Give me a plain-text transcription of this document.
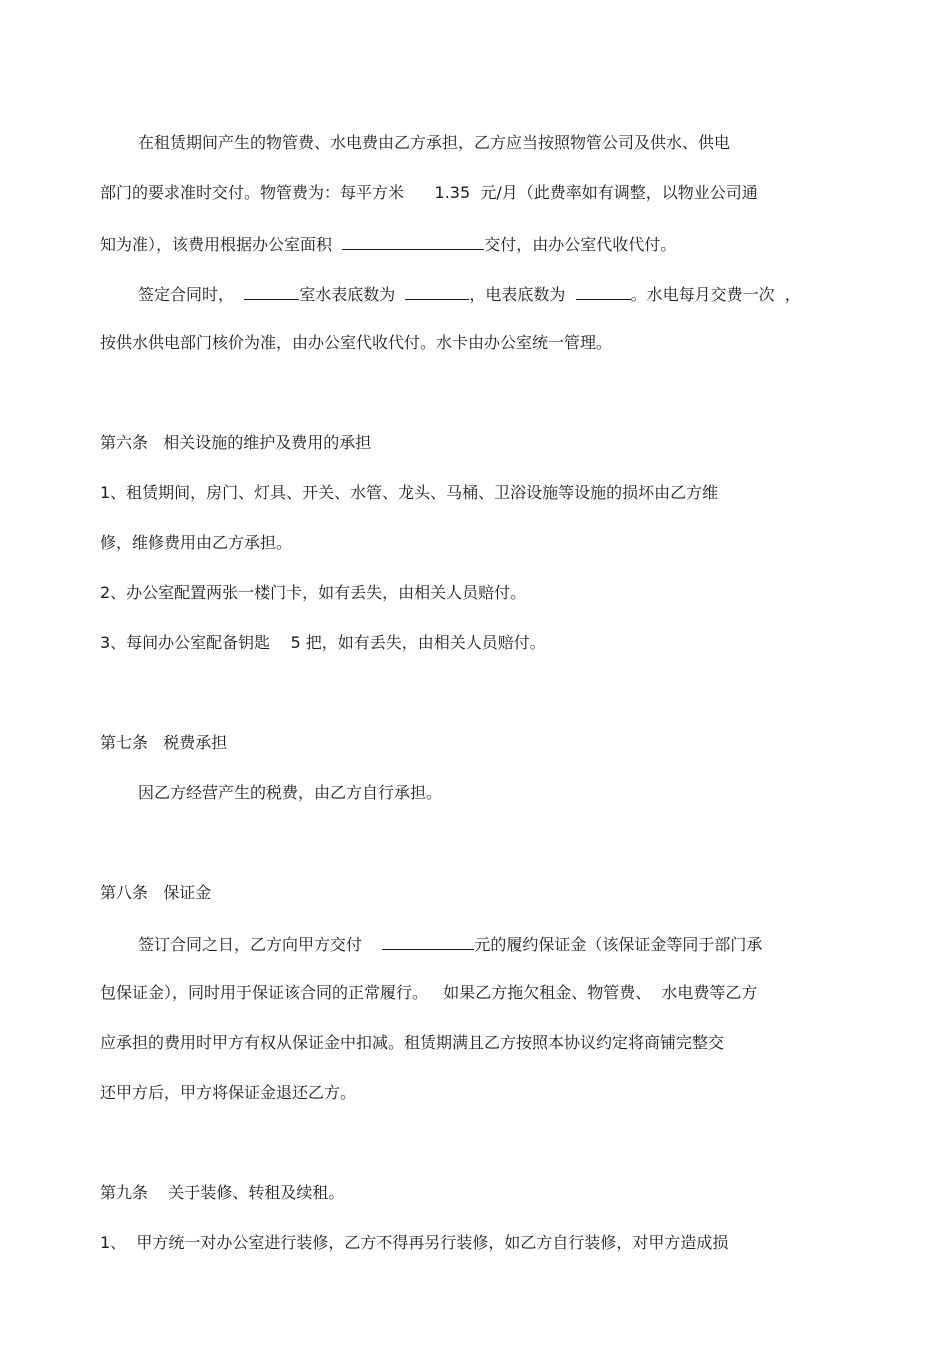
在租赁期间产生的物管费、水电费由乙方承担，乙方应当按照物管公司及供水、供电
部门的要求准时交付。物管费为：每平方米      1.35  元/月（此费率如有调整，以物业公司通
知为准），该费用根据办公室面积	交付，由办公室代收代付。
签定合同时，	室水表底数为	，电表底数为	。水电每月交费一次  ，
按供水供电部门核价为准，由办公室代收代付。水卡由办公室统一管理。
第六条   相关设施的维护及费用的承担
1、租赁期间，房门、灯具、开关、水管、龙头、马桶、卫浴设施等设施的损坏由乙方维
修，维修费用由乙方承担。
2、办公室配置两张一楼门卡，如有丢失，由相关人员赔付。
3、每间办公室配备钥匙    5 把，如有丢失，由相关人员赔付。
第七条   税费承担
因乙方经营产生的税费，由乙方自行承担。
第八条   保证金
签订合同之日，乙方向甲方交付	元的履约保证金（该保证金等同于部门承
包保证金），同时用于保证该合同的正常履行。   如果乙方拖欠租金、物管费、  水电费等乙方
应承担的费用时甲方有权从保证金中扣减。租赁期满且乙方按照本协议约定将商铺完整交
还甲方后，甲方将保证金退还乙方。
第九条    关于装修、转租及续租。
1、  甲方统一对办公室进行装修，乙方不得再另行装修，如乙方自行装修，对甲方造成损
